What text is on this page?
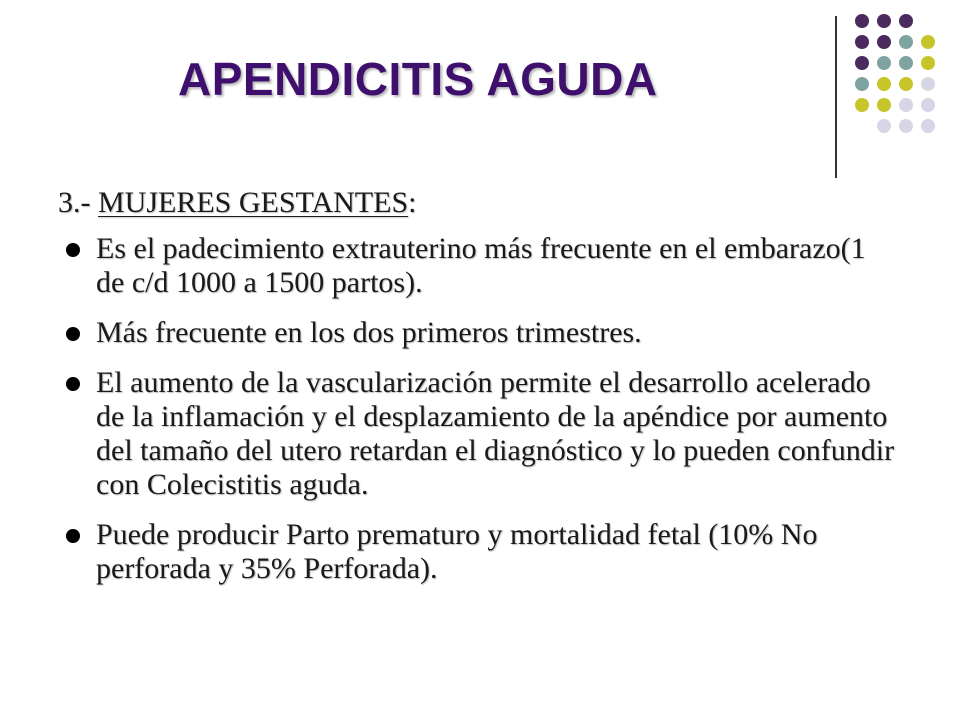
APENDICITIS AGUDA
3.- MUJERES GESTANTES:
Es el padecimiento extrauterino más frecuente en el embarazo(1 de c/d 1000 a 1500 partos).
Más frecuente en los dos primeros trimestres.
El aumento de la vascularización permite el desarrollo acelerado de la inflamación y el desplazamiento de la apéndice por aumento del tamaño del utero retardan el diagnóstico y lo pueden confundir con Colecistitis aguda.
Puede producir Parto prematuro y mortalidad fetal (10% No perforada y 35% Perforada).
